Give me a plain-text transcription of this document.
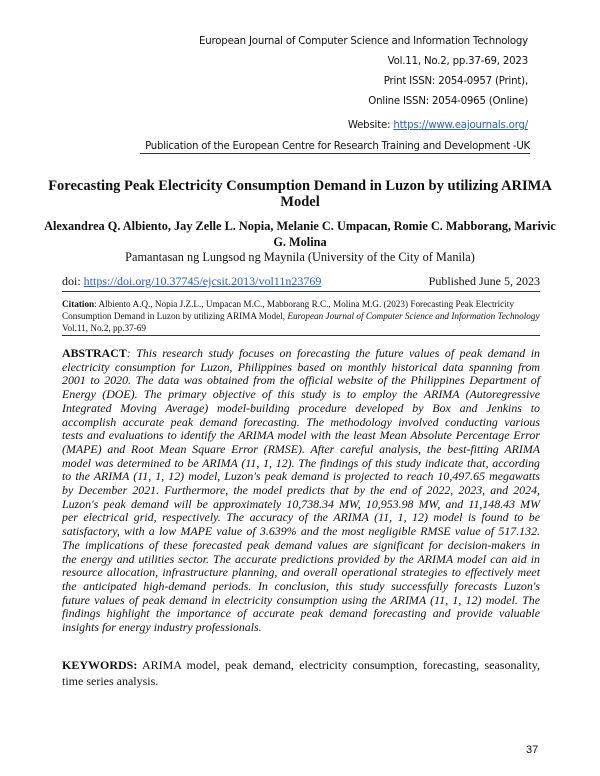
European Journal of Computer Science and Information Technology
Vol.11, No.2, pp.37-69, 2023
Print ISSN: 2054-0957 (Print),
Online ISSN: 2054-0965 (Online)
Website: https://www.eajournals.org/
Publication of the European Centre for Research Training and Development -UK
Forecasting Peak Electricity Consumption Demand in Luzon by utilizing ARIMA Model
Alexandrea Q. Albiento, Jay Zelle L. Nopia, Melanie C. Umpacan, Romie C. Mabborang, Marivic G. Molina
Pamantasan ng Lungsod ng Maynila (University of the City of Manila)
doi: https://doi.org/10.37745/ejcsit.2013/vol11n23769	Published June 5, 2023
Citation: Albiento A.Q., Nopia J.Z.L., Umpacan M.C., Mabborang R.C., Molina M.G. (2023) Forecasting Peak Electricity Consumption Demand in Luzon by utilizing ARIMA Model, European Journal of Computer Science and Information Technology Vol.11, No.2, pp.37-69
ABSTRACT: This research study focuses on forecasting the future values of peak demand in
electricity consumption for Luzon, Philippines based on monthly historical data spanning from
2001 to 2020. The data was obtained from the official website of the Philippines Department of
Energy (DOE). The primary objective of this study is to employ the ARIMA (Autoregressive
Integrated Moving Average) model-building procedure developed by Box and Jenkins to
accomplish accurate peak demand forecasting. The methodology involved conducting various
tests and evaluations to identify the ARIMA model with the least Mean Absolute Percentage Error
(MAPE) and Root Mean Square Error (RMSE). After careful analysis, the best-fitting ARIMA
model was determined to be ARIMA (11, 1, 12). The findings of this study indicate that, according
to the ARIMA (11, 1, 12) model, Luzon's peak demand is projected to reach 10,497.65 megawatts
by December 2021. Furthermore, the model predicts that by the end of 2022, 2023, and 2024,
Luzon's peak demand will be approximately 10,738.34 MW, 10,953.98 MW, and 11,148.43 MW
per electrical grid, respectively. The accuracy of the ARIMA (11, 1, 12) model is found to be
satisfactory, with a low MAPE value of 3.639% and the most negligible RMSE value of 517.132.
The implications of these forecasted peak demand values are significant for decision-makers in
the energy and utilities sector. The accurate predictions provided by the ARIMA model can aid in
resource allocation, infrastructure planning, and overall operational strategies to effectively meet
the anticipated high-demand periods. In conclusion, this study successfully forecasts Luzon's
future values of peak demand in electricity consumption using the ARIMA (11, 1, 12) model. The
findings highlight the importance of accurate peak demand forecasting and provide valuable
insights for energy industry professionals.
KEYWORDS: ARIMA model, peak demand, electricity consumption, forecasting, seasonality, time series analysis.
37
